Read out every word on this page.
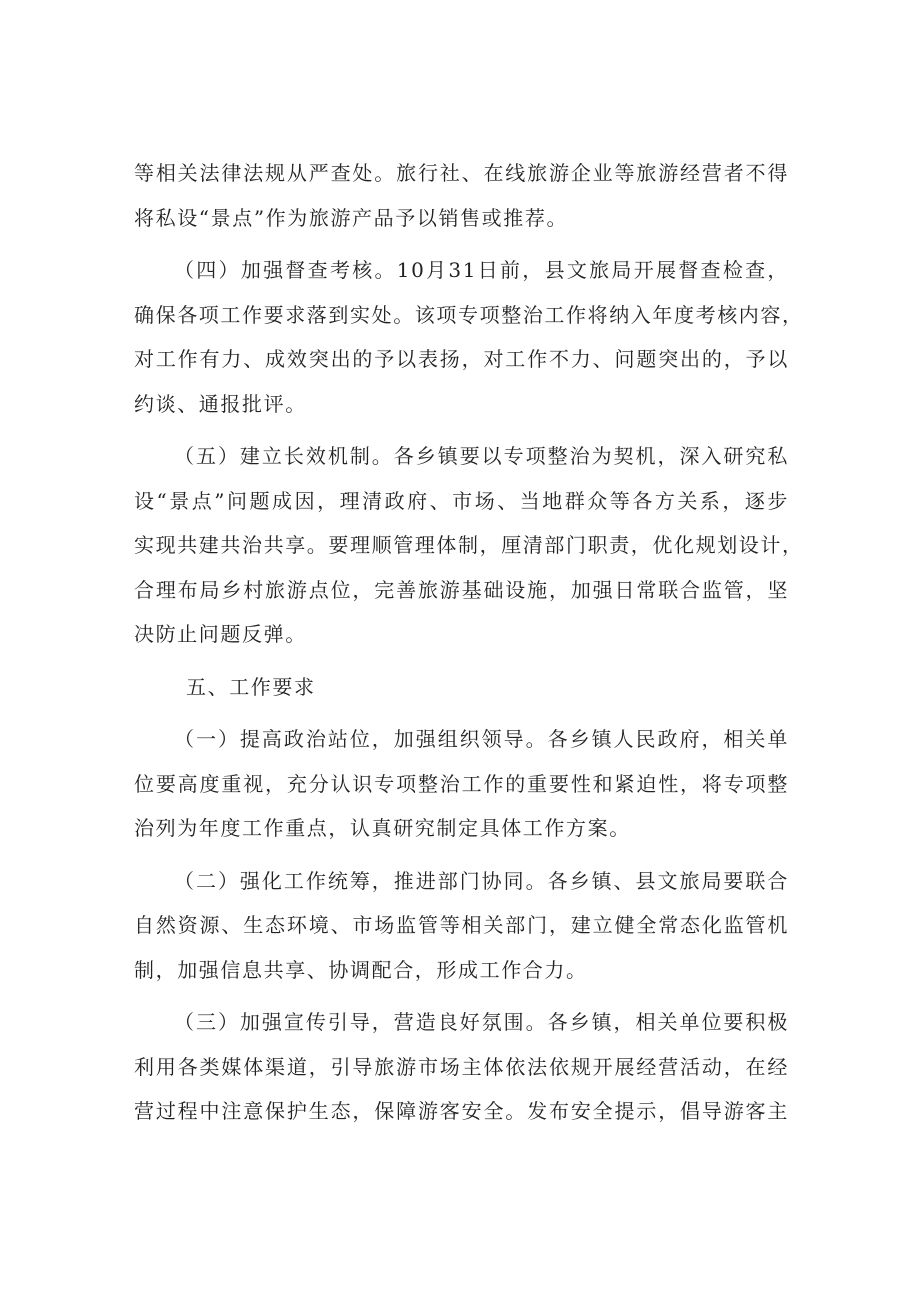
等相关法律法规从严查处。旅行社、在线旅游企业等旅游经营者不得
将私设“景点”作为旅游产品予以销售或推荐。
（四）加强督查考核。10月31日前，县文旅局开展督查检查，
确保各项工作要求落到实处。该项专项整治工作将纳入年度考核内容，
对工作有力、成效突出的予以表扬，对工作不力、问题突出的，予以
约谈、通报批评。
（五）建立长效机制。各乡镇要以专项整治为契机，深入研究私
设“景点”问题成因，理清政府、市场、当地群众等各方关系，逐步
实现共建共治共享。要理顺管理体制，厘清部门职责，优化规划设计，
合理布局乡村旅游点位，完善旅游基础设施，加强日常联合监管，坚
决防止问题反弹。
五、工作要求
（一）提高政治站位，加强组织领导。各乡镇人民政府，相关单
位要高度重视，充分认识专项整治工作的重要性和紧迫性，将专项整
治列为年度工作重点，认真研究制定具体工作方案。
（二）强化工作统筹，推进部门协同。各乡镇、县文旅局要联合
自然资源、生态环境、市场监管等相关部门，建立健全常态化监管机
制，加强信息共享、协调配合，形成工作合力。
（三）加强宣传引导，营造良好氛围。各乡镇，相关单位要积极
利用各类媒体渠道，引导旅游市场主体依法依规开展经营活动，在经
营过程中注意保护生态，保障游客安全。发布安全提示，倡导游客主
